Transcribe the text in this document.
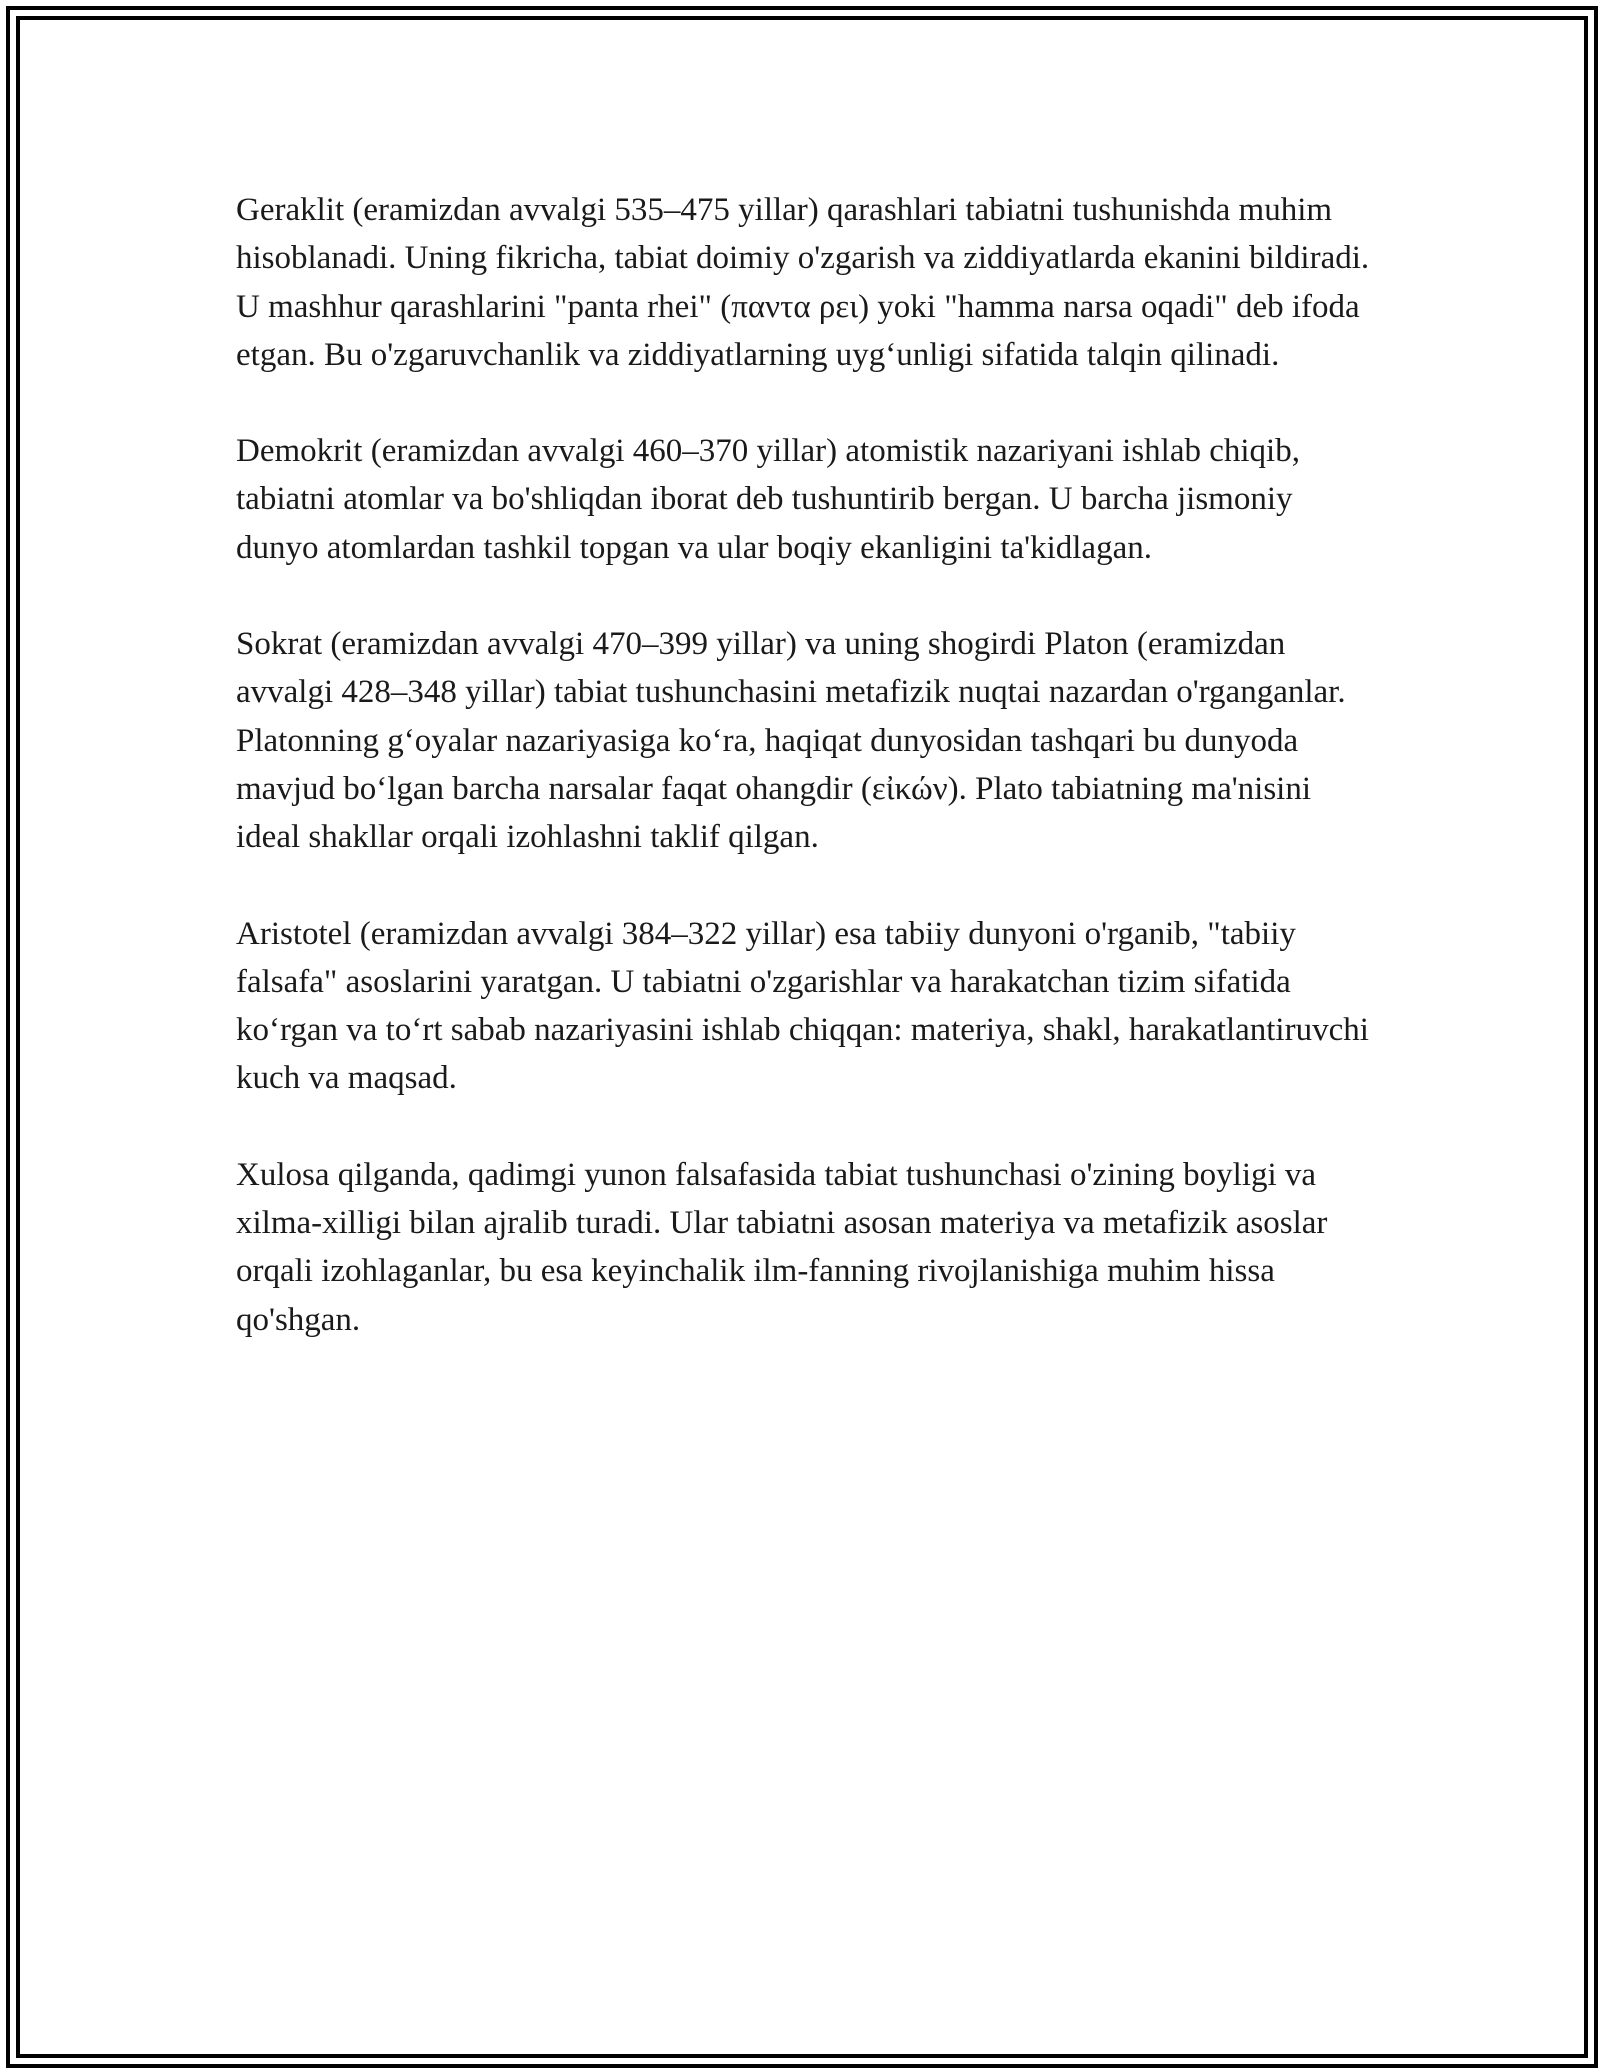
Geraklit (eramizdan avvalgi 535–475 yillar) qarashlari tabiatni tushunishda muhim hisoblanadi. Uning fikricha, tabiat doimiy o'zgarish va ziddiyatlarda ekanini bildiradi. U mashhur qarashlarini "panta rhei" (παντα ρει) yoki "hamma narsa oqadi" deb ifoda etgan. Bu o'zgaruvchanlik va ziddiyatlarning uygʻunligi sifatida talqin qilinadi.

Demokrit (eramizdan avvalgi 460–370 yillar) atomistik nazariyani ishlab chiqib, tabiatni atomlar va bo'shliqdan iborat deb tushuntirib bergan. U barcha jismoniy dunyo atomlardan tashkil topgan va ular boqiy ekanligini ta'kidlagan.

Sokrat (eramizdan avvalgi 470–399 yillar) va uning shogirdi Platon (eramizdan avvalgi 428–348 yillar) tabiat tushunchasini metafizik nuqtai nazardan o'rganganlar. Platonning gʻoyalar nazariyasiga koʻra, haqiqat dunyosidan tashqari bu dunyoda mavjud boʻlgan barcha narsalar faqat ohangdir (εἰκών). Plato tabiatning ma'nisini ideal shakllar orqali izohlashni taklif qilgan.

Aristotel (eramizdan avvalgi 384–322 yillar) esa tabiiy dunyoni o'rganib, "tabiiy falsafa" asoslarini yaratgan. U tabiatni o'zgarishlar va harakatchan tizim sifatida koʻrgan va toʻrt sabab nazariyasini ishlab chiqqan: materiya, shakl, harakatlantiruvchi kuch va maqsad.

Xulosa qilganda, qadimgi yunon falsafasida tabiat tushunchasi o'zining boyligi va xilma-xilligi bilan ajralib turadi. Ular tabiatni asosan materiya va metafizik asoslar orqali izohlaganlar, bu esa keyinchalik ilm-fanning rivojlanishiga muhim hissa qo'shgan.
